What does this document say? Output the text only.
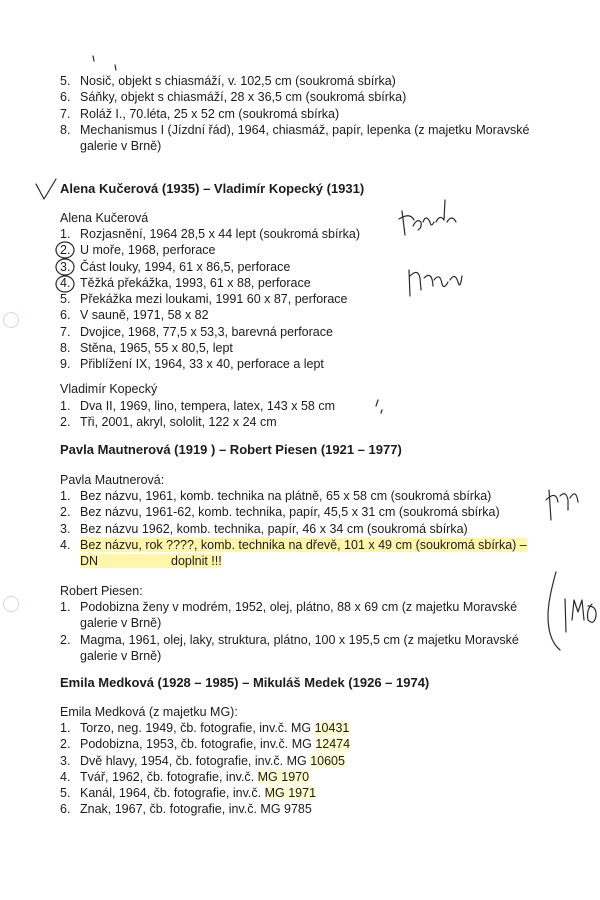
5. Nosič, objekt s chiasmáží, v. 102,5 cm (soukromá sbírka)
6. Sáňky, objekt s chiasmáží, 28 x 36,5 cm (soukromá sbírka)
7. Roláž I., 70.léta, 25 x 52 cm (soukromá sbírka)
8. Mechanismus I (Jízdní řád), 1964, chiasmáž, papír, lepenka (z majetku Moravské
galerie v Brně)
Alena Kučerová (1935) – Vladimír Kopecký (1931)
Alena Kučerová
1. Rozjasnění, 1964 28,5 x 44 lept (soukromá sbírka)
2. U moře, 1968, perforace
3. Část louky, 1994, 61 x 86,5, perforace
4. Těžká překážka, 1993, 61 x 88, perforace
5. Překážka mezi loukami, 1991 60 x 87, perforace
6. V sauně, 1971, 58 x 82
7. Dvojice, 1968, 77,5 x 53,3, barevná perforace
8. Stěna, 1965, 55 x 80,5, lept
9. Přiblížení IX, 1964, 33 x 40, perforace a lept
Vladimír Kopecký
1. Dva II, 1969, lino, tempera, latex, 143 x 58 cm
2. Tři, 2001, akryl, sololit, 122 x 24 cm
Pavla Mautnerová (1919 ) – Robert Piesen (1921 – 1977)
Pavla Mautnerová:
1. Bez názvu, 1961, komb. technika na plátně, 65 x 58 cm (soukromá sbírka)
2. Bez názvu, 1961-62, komb. technika, papír, 45,5 x 31 cm (soukromá sbírka)
3. Bez názvu 1962, komb. technika, papír, 46 x 34 cm (soukromá sbírka)
4. Bez názvu, rok ????, komb. technika na dřevě, 101 x 49 cm (soukromá sbírka) –
DN	doplnit !!!
Robert Piesen:
1. Podobizna ženy v modrém, 1952, olej, plátno, 88 x 69 cm (z majetku Moravské
galerie v Brně)
2. Magma, 1961, olej, laky, struktura, plátno, 100 x 195,5 cm (z majetku Moravské
galerie v Brně)
Emila Medková (1928 – 1985) – Mikuláš Medek (1926 – 1974)
Emila Medková (z majetku MG):
1. Torzo, neg. 1949, čb. fotografie, inv.č. MG 10431
2. Podobizna, 1953, čb. fotografie, inv.č. MG 12474
3. Dvě hlavy, 1954, čb. fotografie, inv.č. MG 10605
4. Tvář, 1962, čb. fotografie, inv.č. MG 1970
5. Kanál, 1964, čb. fotografie, inv.č. MG 1971
6. Znak, 1967, čb. fotografie, inv.č. MG 9785
